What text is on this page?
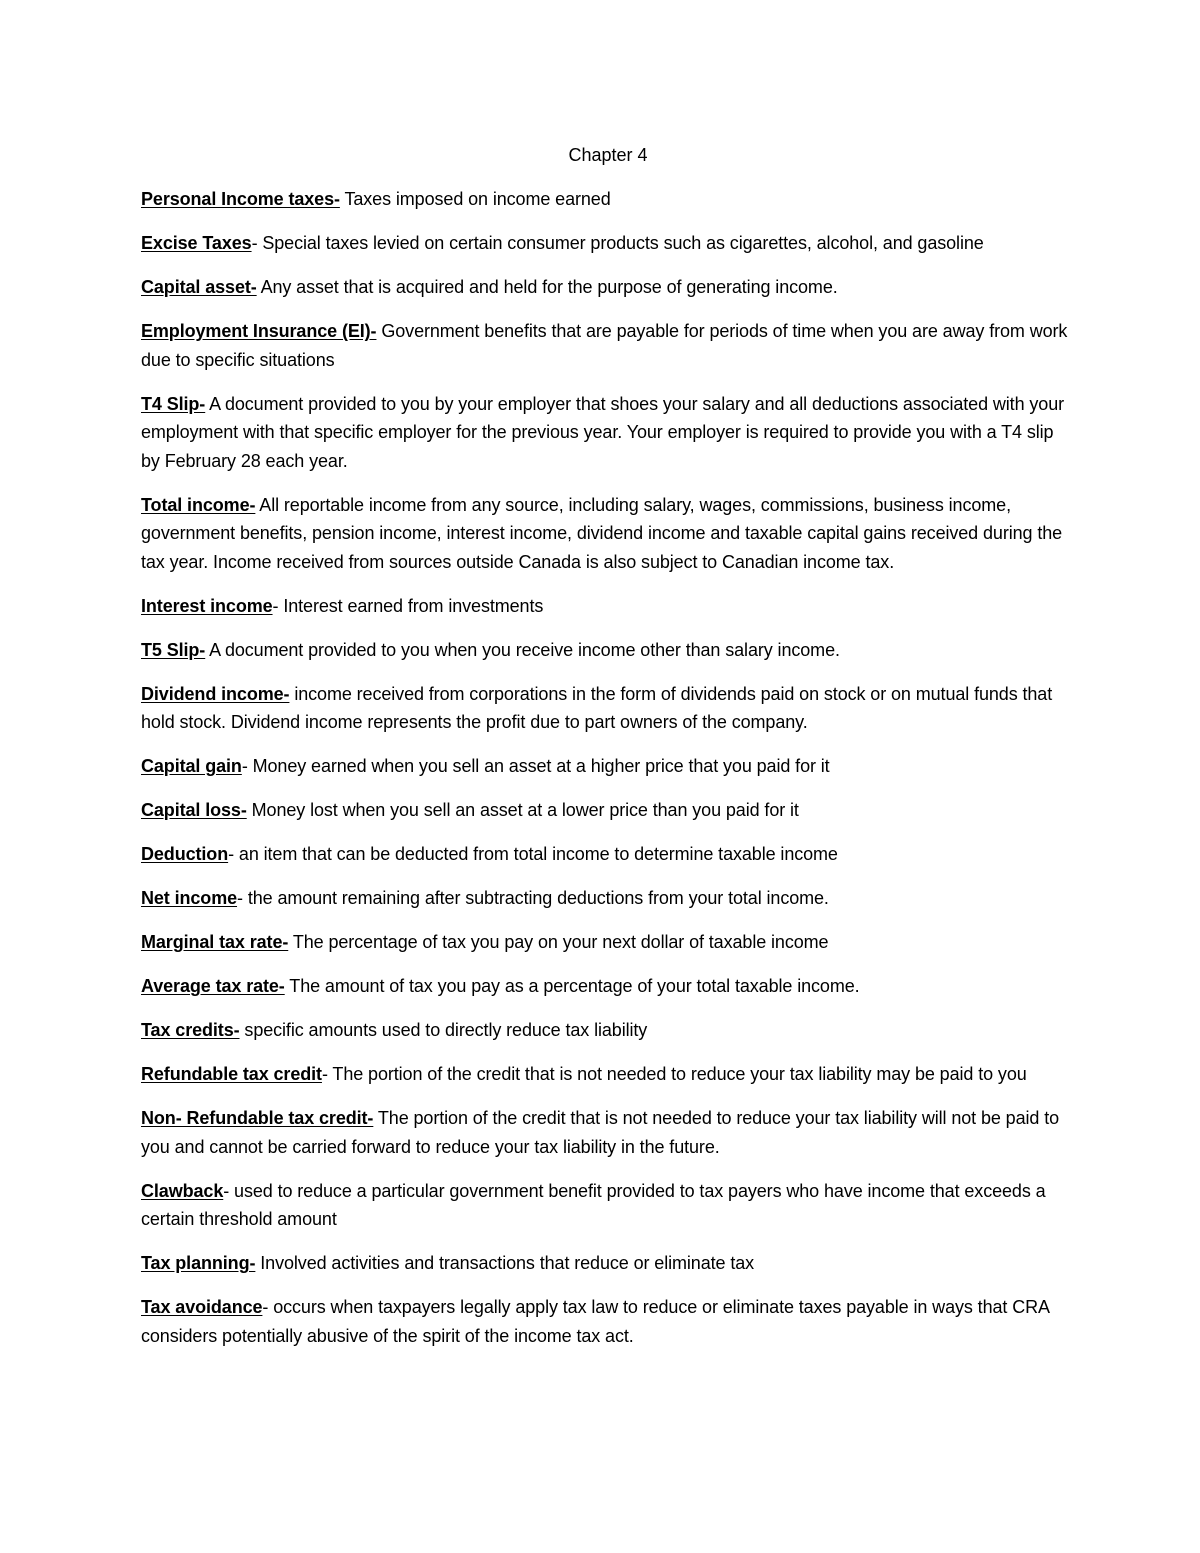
Chapter 4

Personal Income taxes- Taxes imposed on income earned

Excise Taxes- Special taxes levied on certain consumer products such as cigarettes, alcohol, and gasoline

Capital asset- Any asset that is acquired and held for the purpose of generating income.

Employment Insurance (EI)- Government benefits that are payable for periods of time when you are away from work due to specific situations

T4 Slip- A document provided to you by your employer that shoes your salary and all deductions associated with your employment with that specific employer for the previous year. Your employer is required to provide you with a T4 slip by February 28 each year.

Total income- All reportable income from any source, including salary, wages, commissions, business income, government benefits, pension income, interest income, dividend income and taxable capital gains received during the tax year. Income received from sources outside Canada is also subject to Canadian income tax.

Interest income- Interest earned from investments

T5 Slip- A document provided to you when you receive income other than salary income.

Dividend income- income received from corporations in the form of dividends paid on stock or on mutual funds that hold stock. Dividend income represents the profit due to part owners of the company.

Capital gain- Money earned when you sell an asset at a higher price that you paid for it

Capital loss- Money lost when you sell an asset at a lower price than you paid for it

Deduction- an item that can be deducted from total income to determine taxable income

Net income- the amount remaining after subtracting deductions from your total income.

Marginal tax rate- The percentage of tax you pay on your next dollar of taxable income

Average tax rate- The amount of tax you pay as a percentage of your total taxable income.

Tax credits- specific amounts used to directly reduce tax liability

Refundable tax credit- The portion of the credit that is not needed to reduce your tax liability may be paid to you

Non- Refundable tax credit- The portion of the credit that is not needed to reduce your tax liability will not be paid to you and cannot be carried forward to reduce your tax liability in the future.

Clawback- used to reduce a particular government benefit provided to tax payers who have income that exceeds a certain threshold amount

Tax planning- Involved activities and transactions that reduce or eliminate tax

Tax avoidance- occurs when taxpayers legally apply tax law to reduce or eliminate taxes payable in ways that CRA considers potentially abusive of the spirit of the income tax act.
